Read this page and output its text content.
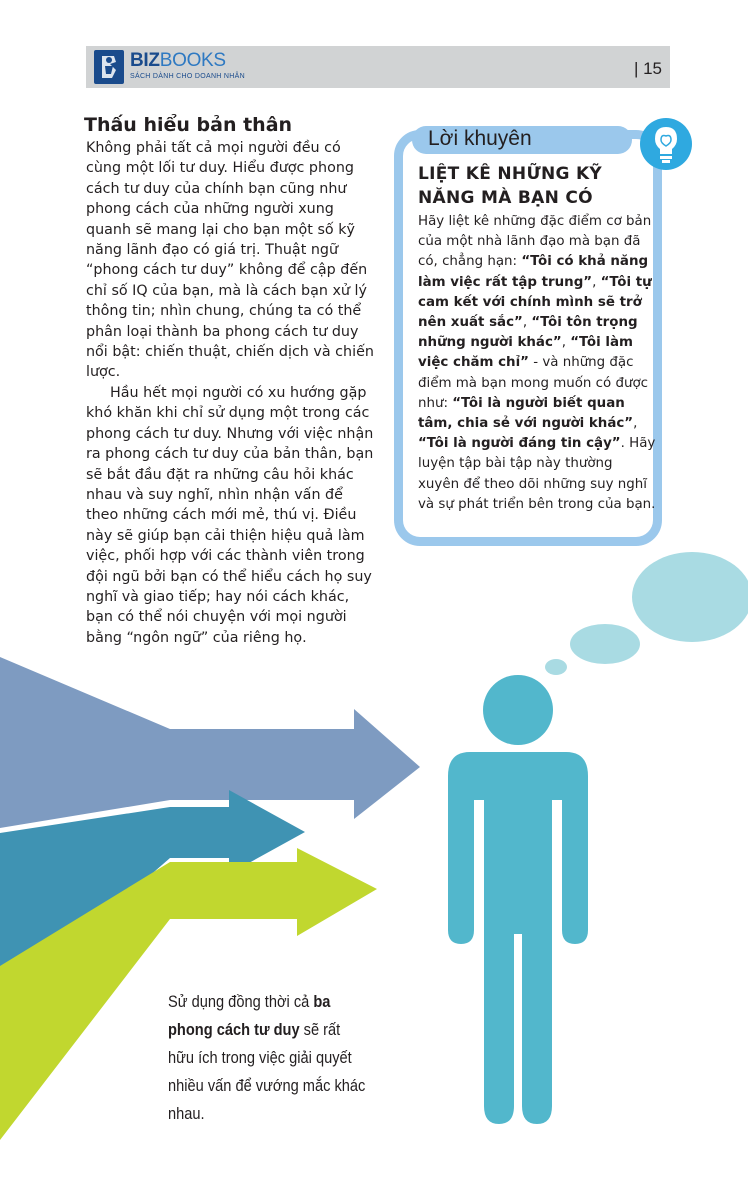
BIZBOOKS
SÁCH DÀNH CHO DOANH NHÂN	| 15
Thấu hiểu bản thân

Không phải tất cả mọi người đều có cùng một lối tư duy. Hiểu được phong cách tư duy của chính bạn cũng như phong cách của những người xung quanh sẽ mang lại cho bạn một số kỹ năng lãnh đạo có giá trị. Thuật ngữ “phong cách tư duy” không để cập đến chỉ số IQ của bạn, mà là cách bạn xử lý thông tin; nhìn chung, chúng ta có thể phân loại thành ba phong cách tư duy nổi bật: chiến thuật, chiến dịch và chiến lược.

Hầu hết mọi người có xu hướng gặp khó khăn khi chỉ sử dụng một trong các phong cách tư duy. Nhưng với việc nhận ra phong cách tư duy của bản thân, bạn sẽ bắt đầu đặt ra những câu hỏi khác nhau và suy nghĩ, nhìn nhận vấn để theo những cách mới mẻ, thú vị. Điều này sẽ giúp bạn cải thiện hiệu quả làm việc, phối hợp với các thành viên trong đội ngũ bởi bạn có thể hiểu cách họ suy nghĩ và giao tiếp; hay nói cách khác, bạn có thể nói chuyện với mọi người bằng “ngôn ngữ” của riêng họ.

Lời khuyên
LIỆT KÊ NHỮNG KỸ NĂNG MÀ BẠN CÓ
Hãy liệt kê những đặc điểm cơ bản của một nhà lãnh đạo mà bạn đã có, chẳng hạn: “Tôi có khả năng làm việc rất tập trung”, “Tôi tự cam kết với chính mình sẽ trở nên xuất sắc”, “Tôi tôn trọng những người khác”, “Tôi làm việc chăm chỉ” - và những đặc điểm mà bạn mong muốn có được như: “Tôi là người biết quan tâm, chia sẻ với người khác”, “Tôi là người đáng tin cậy”. Hãy luyện tập bài tập này thường xuyên để theo dõi những suy nghĩ và sự phát triển bên trong của bạn.
Sử dụng đồng thời cả ba phong cách tư duy sẽ rất hữu ích trong việc giải quyết nhiều vấn để vướng mắc khác nhau.
